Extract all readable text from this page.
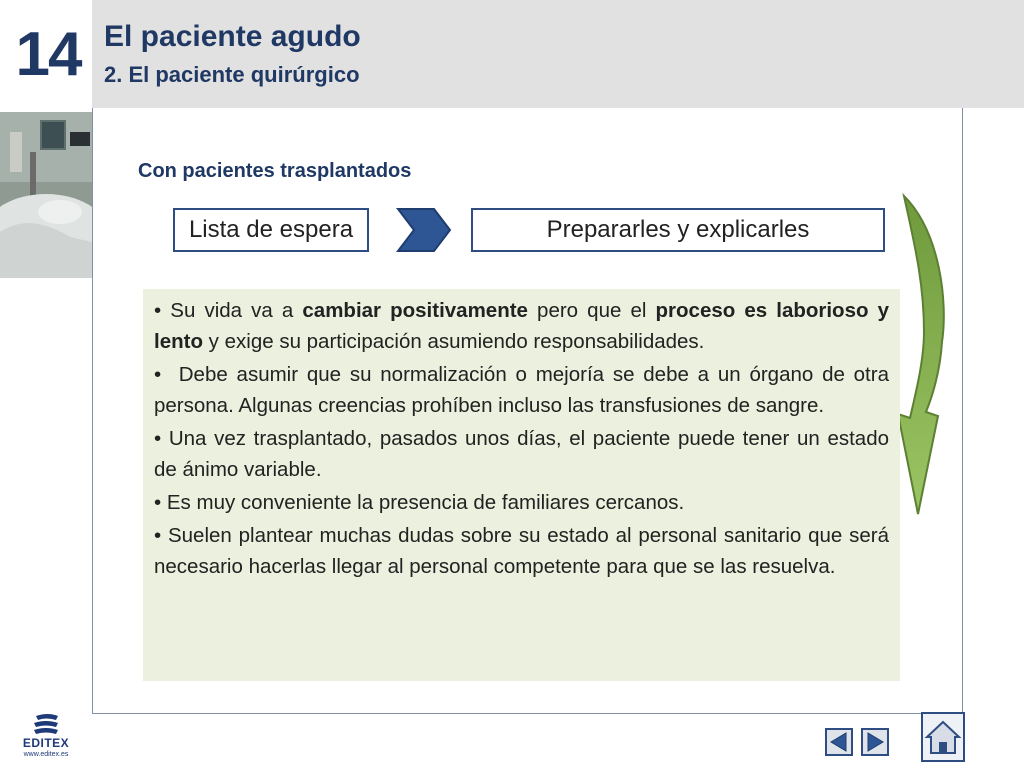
14 El paciente agudo
2. El paciente quirúrgico
Con pacientes trasplantados
Lista de espera	Prepararles y explicarles

• Su vida va a cambiar positivamente pero que el proceso es laborioso y lento y exige su participación asumiendo responsabilidades.

•  Debe asumir que su normalización o mejoría se debe a un órgano de otra persona. Algunas creencias prohíben incluso las transfusiones de sangre.

• Una vez trasplantado, pasados unos días, el paciente puede tener un estado de ánimo variable.

• Es muy conveniente la presencia de familiares cercanos.

• Suelen plantear muchas dudas sobre su estado al personal sanitario que será necesario hacerlas llegar al personal competente para que se las resuelva.

EDITEX
www.editex.es
